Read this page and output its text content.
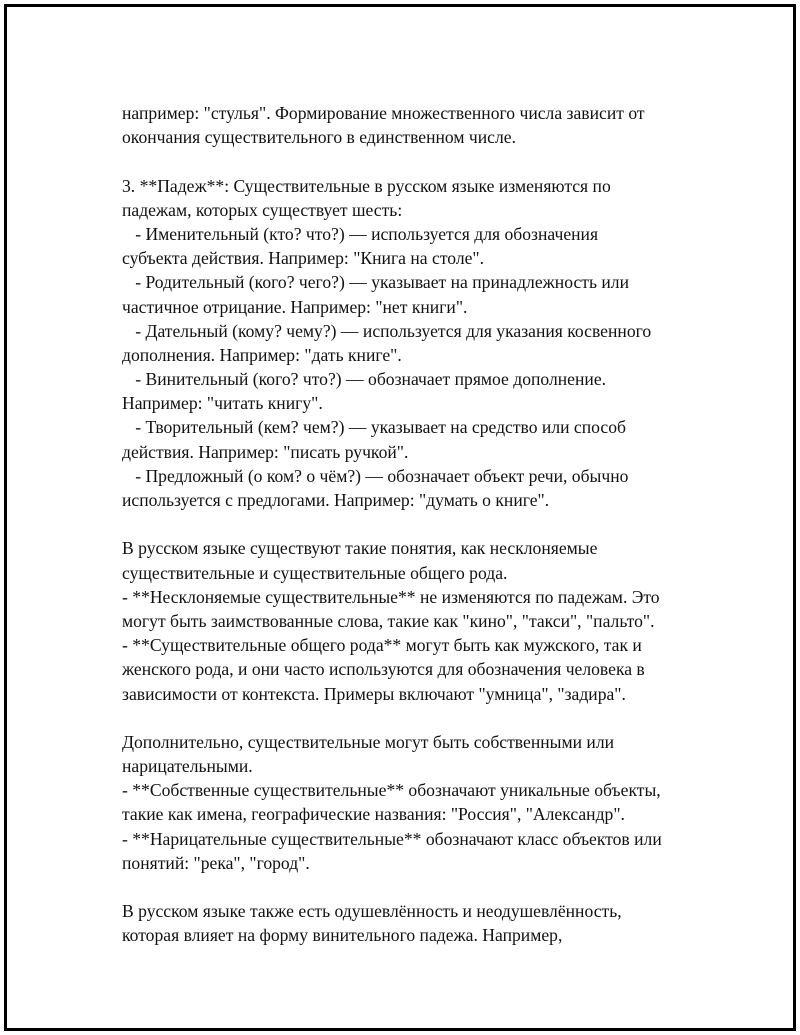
например: "стулья". Формирование множественного числа зависит от
окончания существительного в единственном числе.
3. **Падеж**: Существительные в русском языке изменяются по
падежам, которых существует шесть:
- Именительный (кто? что?) — используется для обозначения
субъекта действия. Например: "Книга на столе".
- Родительный (кого? чего?) — указывает на принадлежность или
частичное отрицание. Например: "нет книги".
- Дательный (кому? чему?) — используется для указания косвенного
дополнения. Например: "дать книге".
- Винительный (кого? что?) — обозначает прямое дополнение.
Например: "читать книгу".
- Творительный (кем? чем?) — указывает на средство или способ
действия. Например: "писать ручкой".
- Предложный (о ком? о чём?) — обозначает объект речи, обычно
используется с предлогами. Например: "думать о книге".
В русском языке существуют такие понятия, как несклоняемые
существительные и существительные общего рода.
- **Несклоняемые существительные** не изменяются по падежам. Это
могут быть заимствованные слова, такие как "кино", "такси", "пальто".
- **Существительные общего рода** могут быть как мужского, так и
женского рода, и они часто используются для обозначения человека в
зависимости от контекста. Примеры включают "умница", "задира".
Дополнительно, существительные могут быть собственными или
нарицательными.
- **Собственные существительные** обозначают уникальные объекты,
такие как имена, географические названия: "Россия", "Александр".
- **Нарицательные существительные** обозначают класс объектов или
понятий: "река", "город".
В русском языке также есть одушевлённость и неодушевлённость,
которая влияет на форму винительного падежа. Например,
